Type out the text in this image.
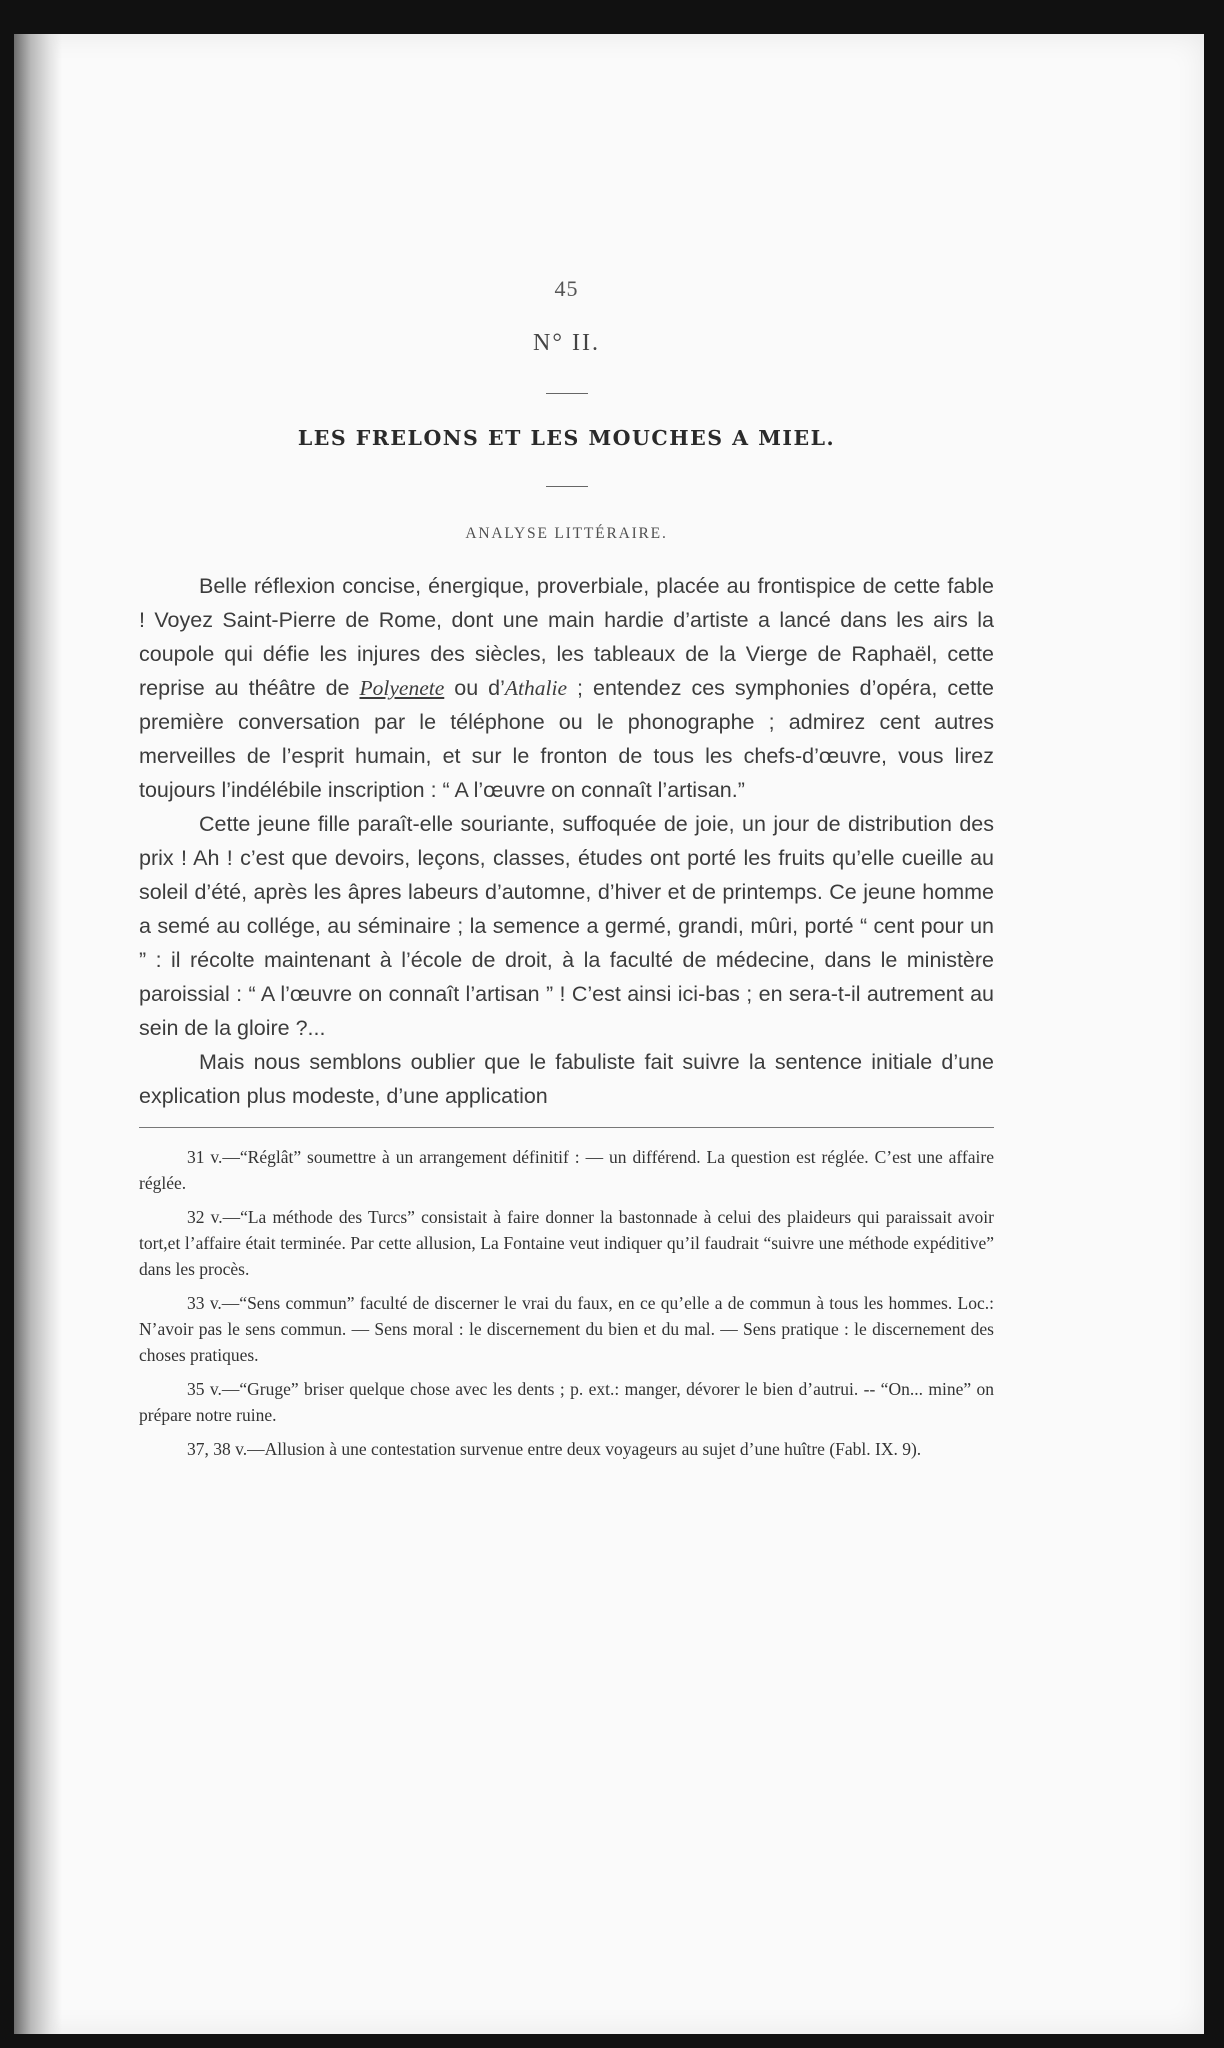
45
N° II.
LES FRELONS ET LES MOUCHES A MIEL.
ANALYSE LITTÉRAIRE.

Belle réflexion concise, énergique, proverbiale, placée au frontispice de cette fable ! Voyez Saint-Pierre de Rome, dont une main hardie d’artiste a lancé dans les airs la coupole qui défie les injures des siècles, les tableaux de la Vierge de Raphaël, cette reprise au théâtre de Polyenete ou d’Athalie ; entendez ces symphonies d’opéra, cette première conversation par le téléphone ou le phonographe ; admirez cent autres merveilles de l’esprit humain, et sur le fronton de tous les chefs-d’œuvre, vous lirez toujours l’indélébile inscription : “ A l’œuvre on connaît l’artisan.”

Cette jeune fille paraît-elle souriante, suffoquée de joie, un jour de distribution des prix ! Ah ! c’est que devoirs, leçons, classes, études ont porté les fruits qu’elle cueille au soleil d’été, après les âpres labeurs d’automne, d’hiver et de printemps. Ce jeune homme a semé au collége, au séminaire ; la semence a germé, grandi, mûri, porté “ cent pour un ” : il récolte maintenant à l’école de droit, à la faculté de médecine, dans le ministère paroissial : “ A l’œuvre on connaît l’artisan ” ! C’est ainsi ici-bas ; en sera-t-il autrement au sein de la gloire ?...

Mais nous semblons oublier que le fabuliste fait suivre la sentence initiale d’une explication plus modeste, d’une application

31 v.—“Réglât” soumettre à un arrangement définitif : — un différend. La question est réglée. C’est une affaire réglée.

32 v.—“La méthode des Turcs” consistait à faire donner la bastonnade à celui des plaideurs qui paraissait avoir tort,et l’affaire était terminée. Par cette allusion, La Fontaine veut indiquer qu’il faudrait “suivre une méthode expéditive” dans les procès.

33 v.—“Sens commun” faculté de discerner le vrai du faux, en ce qu’elle a de commun à tous les hommes. Loc.: N’avoir pas le sens commun. — Sens moral : le discernement du bien et du mal. — Sens pratique : le discernement des choses pratiques.

35 v.—“Gruge” briser quelque chose avec les dents ; p. ext.: manger, dévorer le bien d’autrui. -- “On... mine” on prépare notre ruine.

37, 38 v.—Allusion à une contestation survenue entre deux voyageurs au sujet d’une huître (Fabl. IX. 9).
